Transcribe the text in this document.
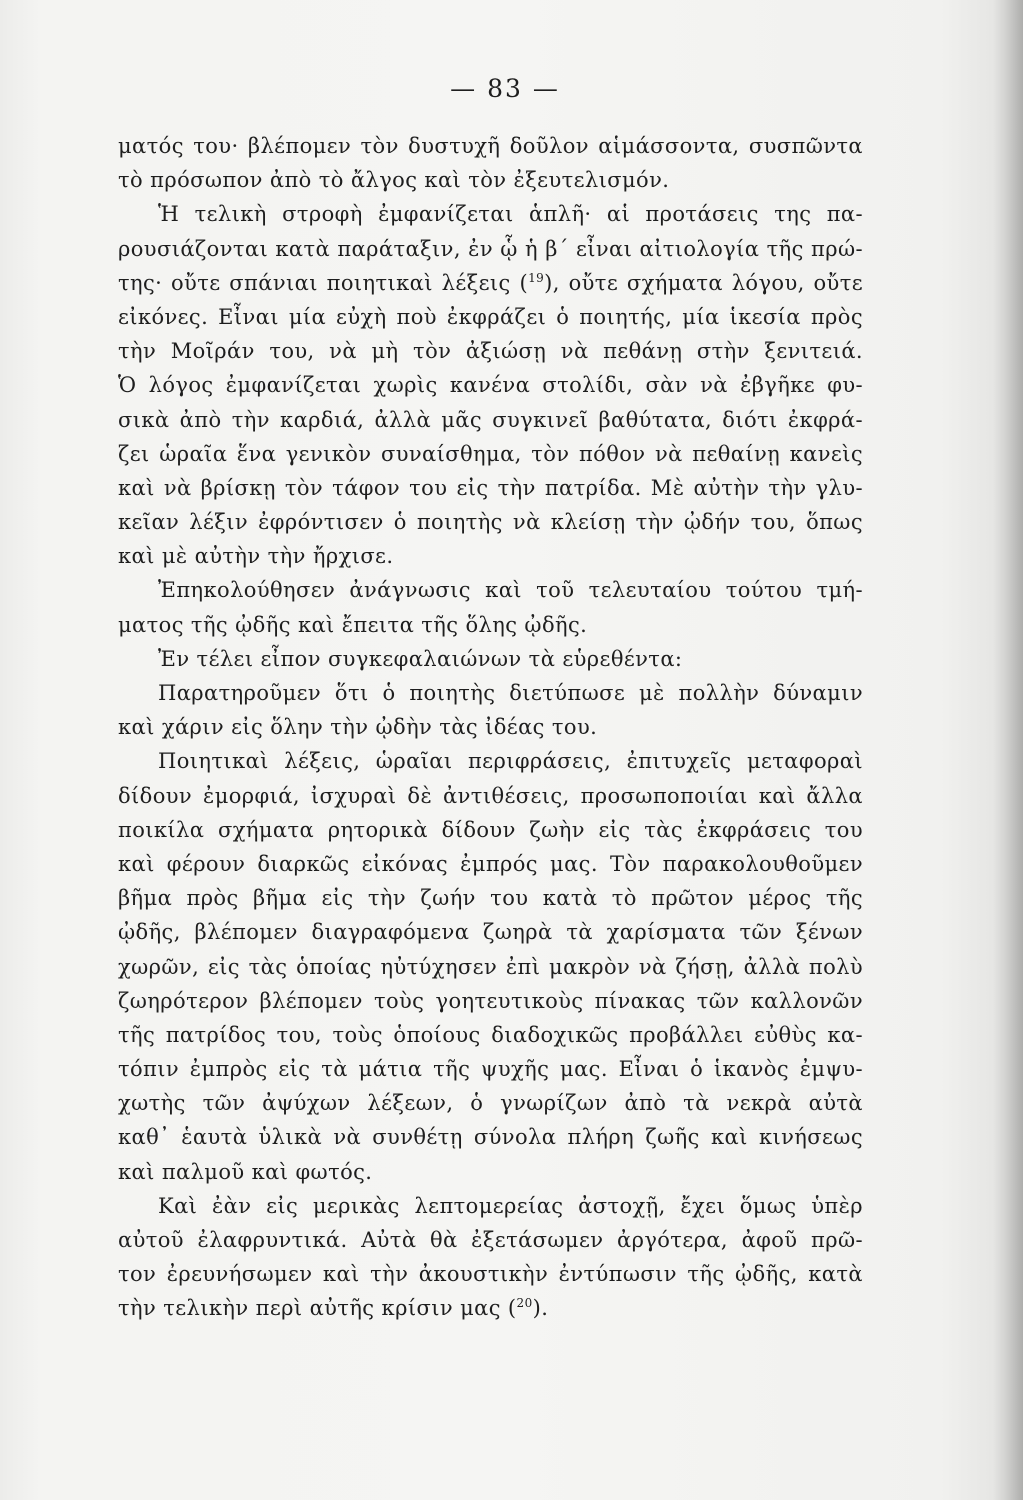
— 83 —
ματός του· βλέπομεν τὸν δυστυχῆ δοῦλον αἱμάσσοντα, συσπῶντα
τὸ πρόσωπον ἀπὸ τὸ ἄλγος καὶ τὸν ἐξευτελισμόν.
Ἡ τελικὴ στροφὴ ἐμφανίζεται ἁπλῆ· αἱ προτάσεις της πα-
ρουσιάζονται κατὰ παράταξιν, ἐν ᾧ ἡ β΄ εἶναι αἰτιολογία τῆς πρώ-
της· οὔτε σπάνιαι ποιητικαὶ λέξεις ($^{19}$), οὔτε σχήματα λόγου, οὔτε
εἰκόνες. Εἶναι μία εὐχὴ ποὺ ἐκφράζει ὁ ποιητής, μία ἱκεσία πρὸς
τὴν Μοῖράν του, νὰ μὴ τὸν ἀξιώσῃ νὰ πεθάνῃ στὴν ξενιτειά.
Ὁ λόγος ἐμφανίζεται χωρὶς κανένα στολίδι, σὰν νὰ ἐβγῆκε φυ-
σικὰ ἀπὸ τὴν καρδιά, ἀλλὰ μᾶς συγκινεῖ βαθύτατα, διότι ἐκφρά-
ζει ὡραῖα ἕνα γενικὸν συναίσθημα, τὸν πόθον νὰ πεθαίνῃ κανεὶς
καὶ νὰ βρίσκῃ τὸν τάφον του εἰς τὴν πατρίδα. Μὲ αὐτὴν τὴν γλυ-
κεῖαν λέξιν ἐφρόντισεν ὁ ποιητὴς νὰ κλείσῃ τὴν ᾠδήν του, ὅπως
καὶ μὲ αὐτὴν τὴν ἤρχισε.
Ἐπηκολούθησεν ἀνάγνωσις καὶ τοῦ τελευταίου τούτου τμή-
ματος τῆς ᾠδῆς καὶ ἔπειτα τῆς ὅλης ᾠδῆς.
Ἐν τέλει εἶπον συγκεφαλαιώνων τὰ εὑρεθέντα:
Παρατηροῦμεν ὅτι ὁ ποιητὴς διετύπωσε μὲ πολλὴν δύναμιν
καὶ χάριν εἰς ὅλην τὴν ᾠδὴν τὰς ἰδέας του.
Ποιητικαὶ λέξεις, ὡραῖαι περιφράσεις, ἐπιτυχεῖς μεταφοραὶ
δίδουν ἐμορφιά, ἰσχυραὶ δὲ ἀντιθέσεις, προσωποποιίαι καὶ ἄλλα
ποικίλα σχήματα ρητορικὰ δίδουν ζωὴν εἰς τὰς ἐκφράσεις του
καὶ φέρουν διαρκῶς εἰκόνας ἐμπρός μας. Τὸν παρακολουθοῦμεν
βῆμα πρὸς βῆμα εἰς τὴν ζωήν του κατὰ τὸ πρῶτον μέρος τῆς
ᾠδῆς, βλέπομεν διαγραφόμενα ζωηρὰ τὰ χαρίσματα τῶν ξένων
χωρῶν, εἰς τὰς ὁποίας ηὐτύχησεν ἐπὶ μακρὸν νὰ ζήσῃ, ἀλλὰ πολὺ
ζωηρότερον βλέπομεν τοὺς γοητευτικοὺς πίνακας τῶν καλλονῶν
τῆς πατρίδος του, τοὺς ὁποίους διαδοχικῶς προβάλλει εὐθὺς κα-
τόπιν ἐμπρὸς εἰς τὰ μάτια τῆς ψυχῆς μας. Εἶναι ὁ ἱκανὸς ἐμψυ-
χωτὴς τῶν ἀψύχων λέξεων, ὁ γνωρίζων ἀπὸ τὰ νεκρὰ αὐτὰ
καθ᾽ ἑαυτὰ ὑλικὰ νὰ συνθέτῃ σύνολα πλήρη ζωῆς καὶ κινήσεως
καὶ παλμοῦ καὶ φωτός.
Καὶ ἐὰν εἰς μερικὰς λεπτομερείας ἀστοχῇ, ἔχει ὅμως ὑπὲρ
αὐτοῦ ἐλαφρυντικά. Αὐτὰ θὰ ἐξετάσωμεν ἀργότερα, ἀφοῦ πρῶ-
τον ἐρευνήσωμεν καὶ τὴν ἀκουστικὴν ἐντύπωσιν τῆς ᾠδῆς, κατὰ
τὴν τελικὴν περὶ αὐτῆς κρίσιν μας ($^{20}$).
